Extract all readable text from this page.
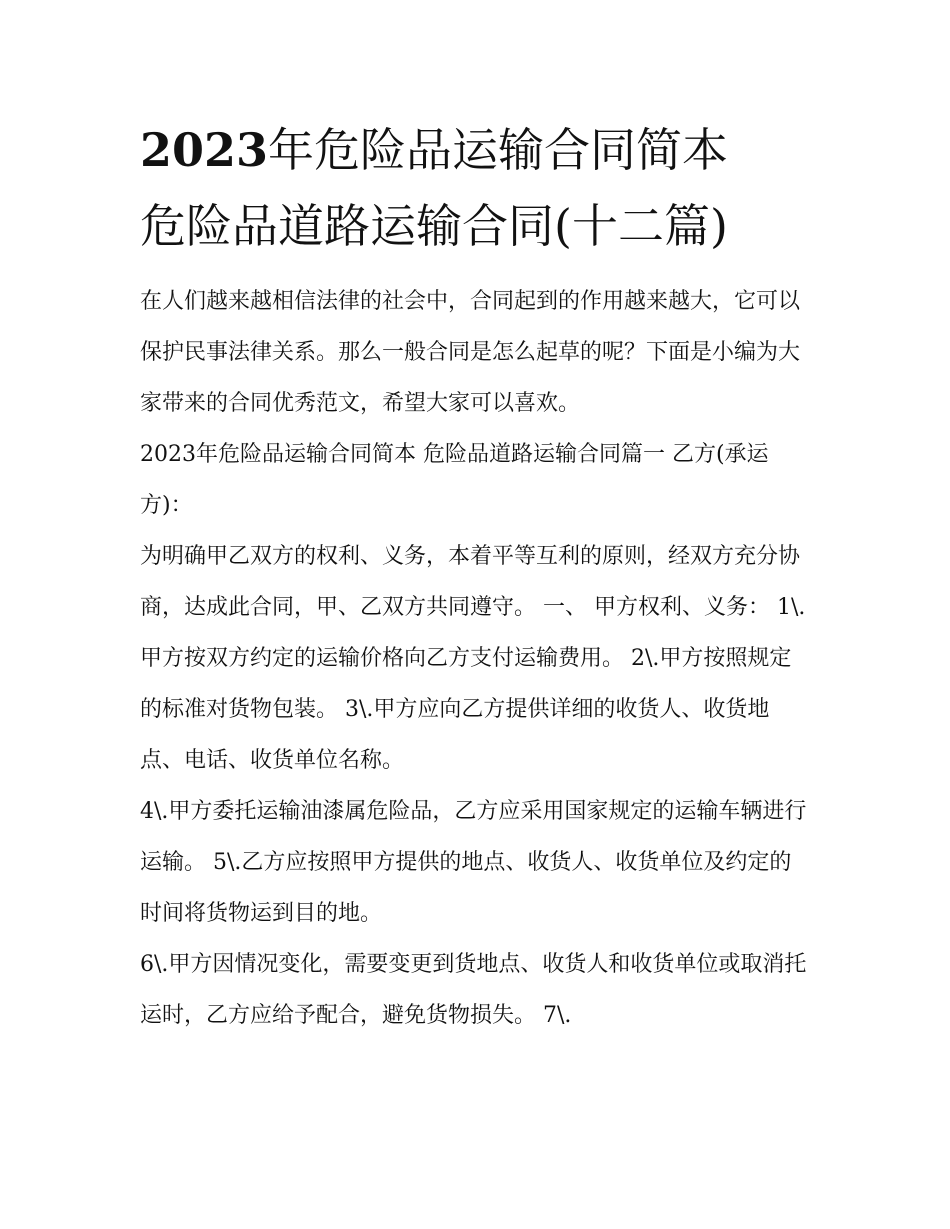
2023年危险品运输合同简本
危险品道路运输合同(十二篇)

在人们越来越相信法律的社会中，合同起到的作用越来越大，它可以保护民事法律关系。那么一般合同是怎么起草的呢？下面是小编为大家带来的合同优秀范文，希望大家可以喜欢。

2023年危险品运输合同简本 危险品道路运输合同篇一 乙方(承运方)：

为明确甲乙双方的权利、义务，本着平等互利的原则，经双方充分协商，达成此合同，甲、乙双方共同遵守。 一、 甲方权利、义务： 1\.

甲方按双方约定的运输价格向乙方支付运输费用。 2\.甲方按照规定的标准对货物包装。 3\.甲方应向乙方提供详细的收货人、收货地点、电话、收货单位名称。

4\.甲方委托运输油漆属危险品，乙方应采用国家规定的运输车辆进行运输。 5\.乙方应按照甲方提供的地点、收货人、收货单位及约定的时间将货物运到目的地。

6\.甲方因情况变化，需要变更到货地点、收货人和收货单位或取消托运时，乙方应给予配合，避免货物损失。 7\.
